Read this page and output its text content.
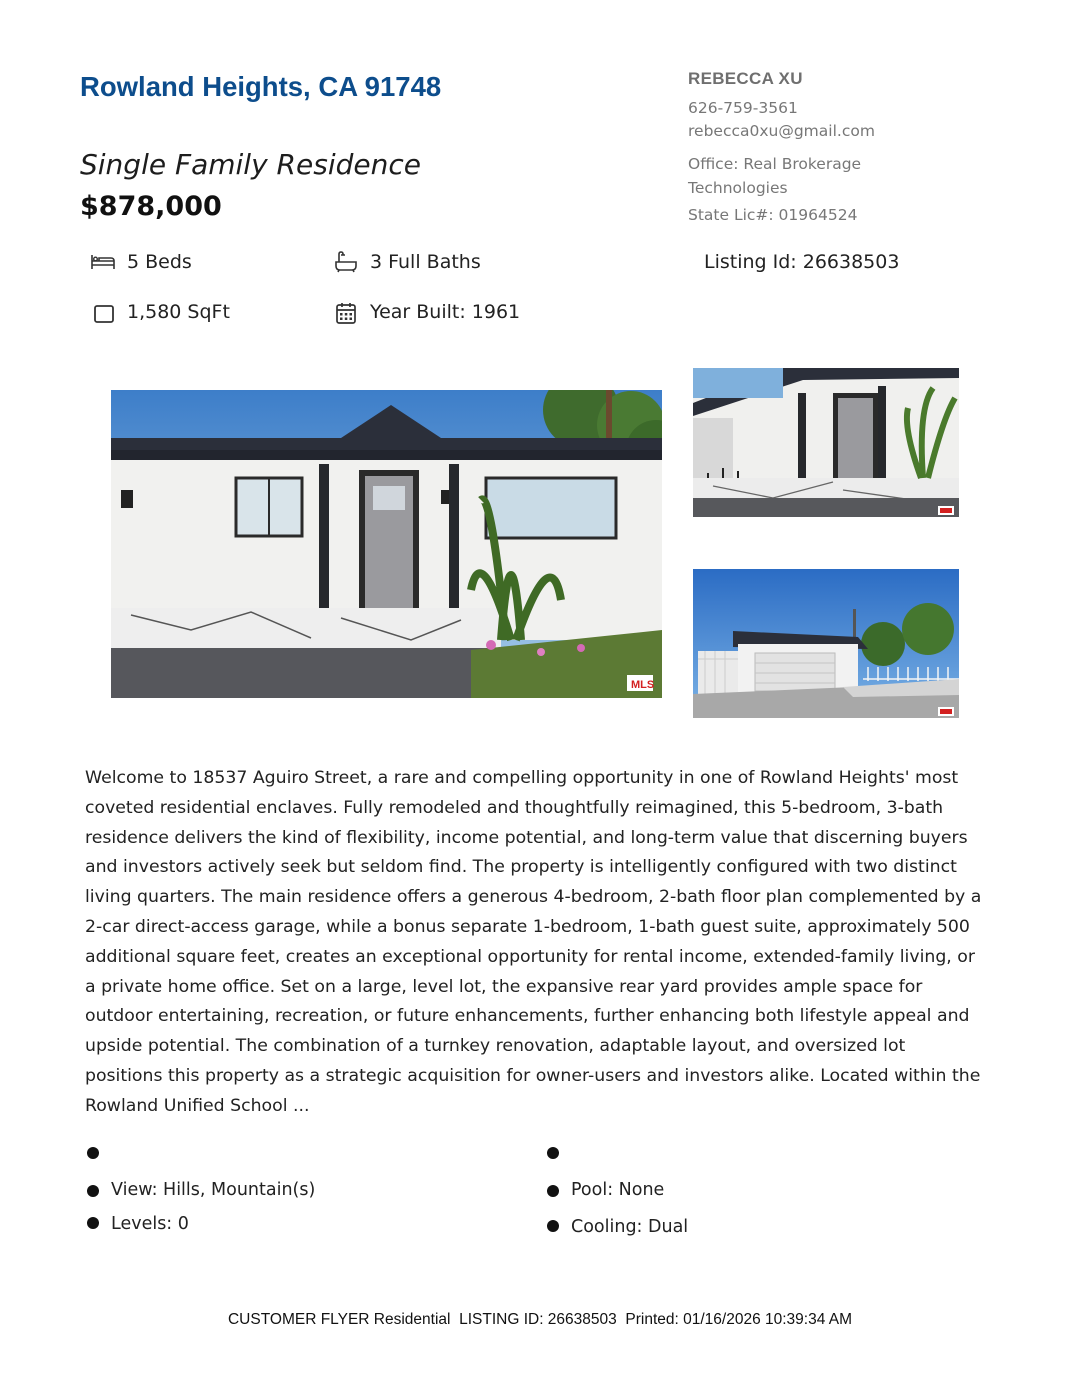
Rowland Heights, CA 91748
Single Family Residence
$878,000
REBECCA XU
626-759-3561
rebecca0xu@gmail.com
Office: Real Brokerage Technologies
State Lic#: 01964524
5 Beds	3 Full Baths
1,580 SqFt	Year Built: 1961
Listing Id: 26638503
MLS
Welcome to 18537 Aguiro Street, a rare and compelling opportunity in one of Rowland Heights' most coveted residential enclaves. Fully remodeled and thoughtfully reimagined, this 5-bedroom, 3-bath residence delivers the kind of flexibility, income potential, and long-term value that discerning buyers and investors actively seek but seldom find. The property is intelligently configured with two distinct living quarters. The main residence offers a generous 4-bedroom, 2-bath floor plan complemented by a 2-car direct-access garage, while a bonus separate 1-bedroom, 1-bath guest suite, approximately 500 additional square feet, creates an exceptional opportunity for rental income, extended-family living, or a private home office. Set on a large, level lot, the expansive rear yard provides ample space for outdoor entertaining, recreation, or future enhancements, further enhancing both lifestyle appeal and upside potential. The combination of a turnkey renovation, adaptable layout, and oversized lot positions this property as a strategic acquisition for owner-users and investors alike. Located within the Rowland Unified School ...
View: Hills, Mountain(s)
Levels: 0
Pool: None
Cooling: Dual
CUSTOMER FLYER Residential  LISTING ID: 26638503  Printed: 01/16/2026 10:39:34 AM
